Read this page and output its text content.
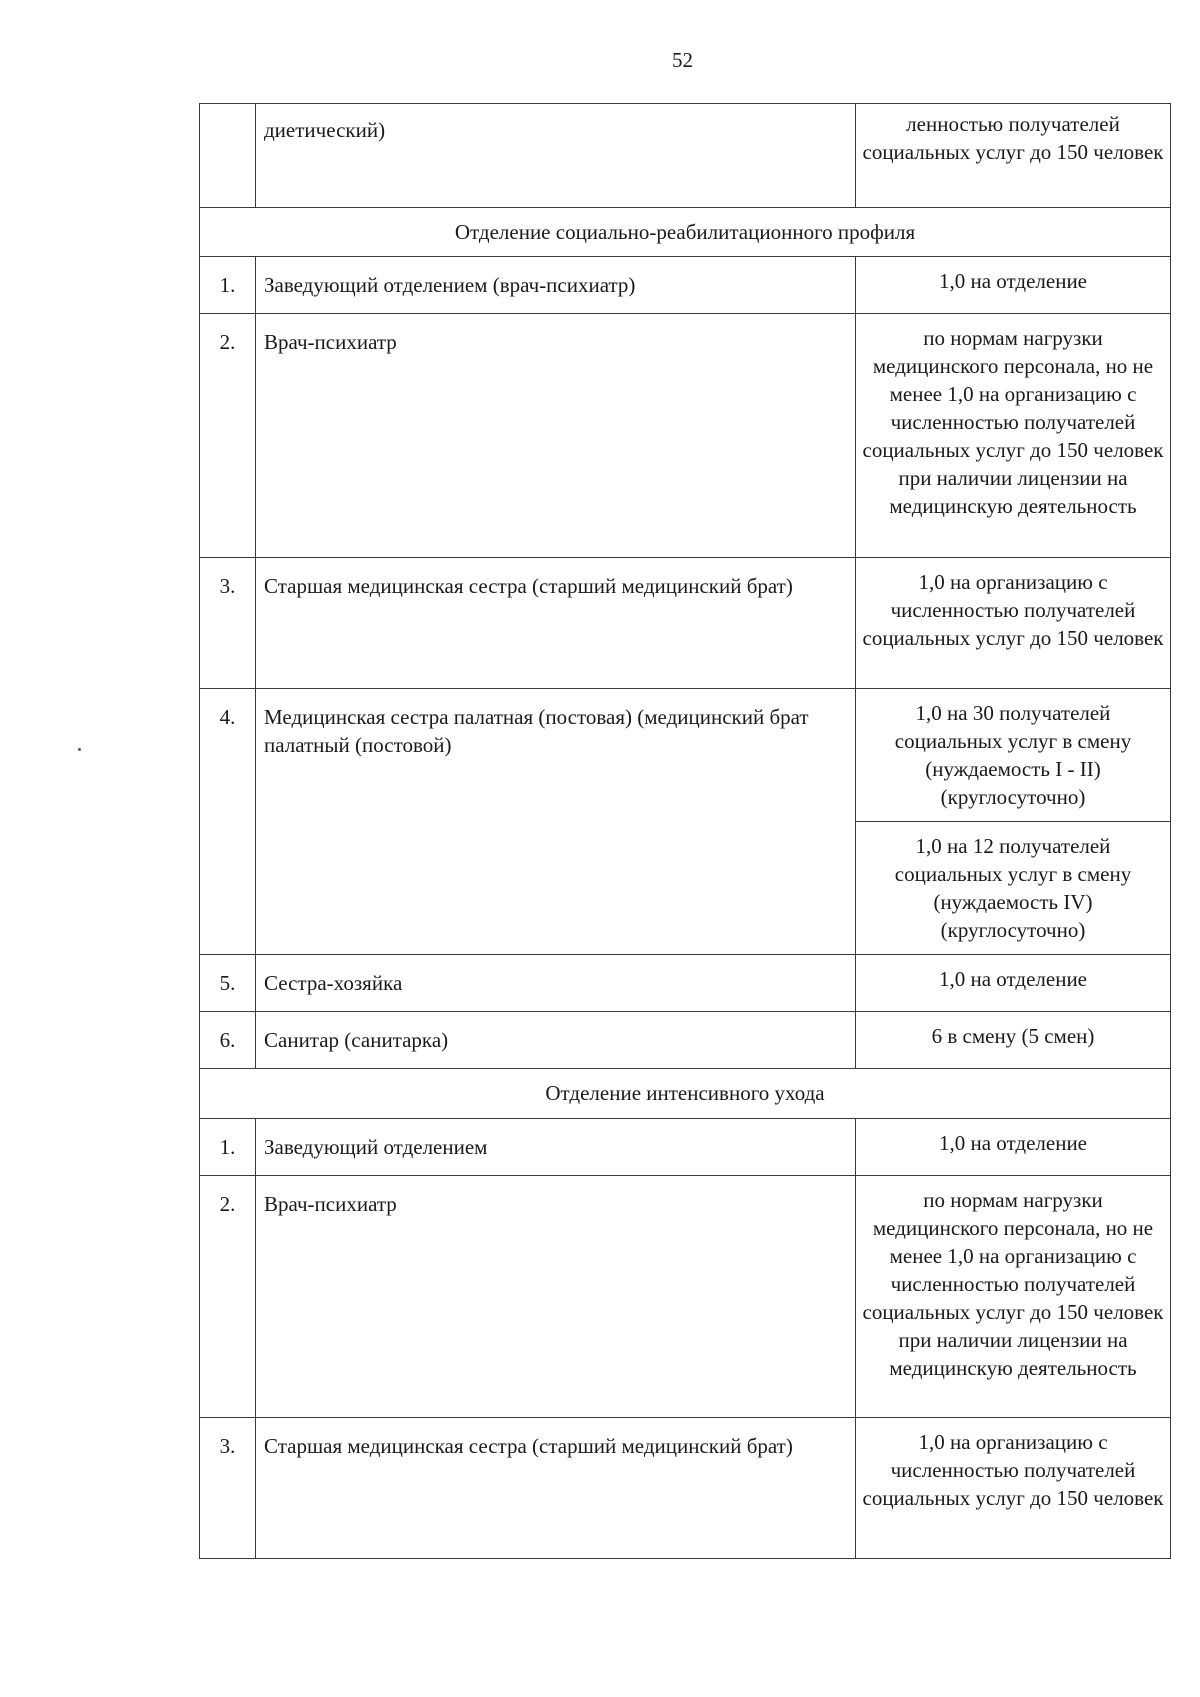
52
	диетический)	ленностью получателей социальных услуг до 150 человек
Отделение социально-реабилитационного профиля		
1.	Заведующий отделением (врач-психиатр)	1,0 на отделение
2.	Врач-психиатр	по нормам нагрузки медицинского персонала, но не менее 1,0 на организацию с численностью получателей социальных услуг до 150 человек при наличии лицензии на медицинскую деятельность
3.	Старшая медицинская сестра (старший медицинский брат)	1,0 на организацию с численностью получателей социальных услуг до 150 человек
4.	Медицинская сестра палатная (постовая) (медицинский брат палатный (постовой)	1,0 на 30 получателей социальных услуг в смену (нуждаемость I - II) (круглосуточно)
		1,0 на 12 получателей социальных услуг в смену (нуждаемость IV) (круглосуточно)
5.	Сестра-хозяйка	1,0 на отделение
6.	Санитар (санитарка)	6 в смену (5 смен)
Отделение интенсивного ухода		
1.	Заведующий отделением	1,0 на отделение
2.	Врач-психиатр	по нормам нагрузки медицинского персонала, но не менее 1,0 на организацию с численностью получателей социальных услуг до 150 человек при наличии лицензии на медицинскую деятельность
3.	Старшая медицинская сестра (старший медицинский брат)	1,0 на организацию с численностью получателей социальных услуг до 150 человек
